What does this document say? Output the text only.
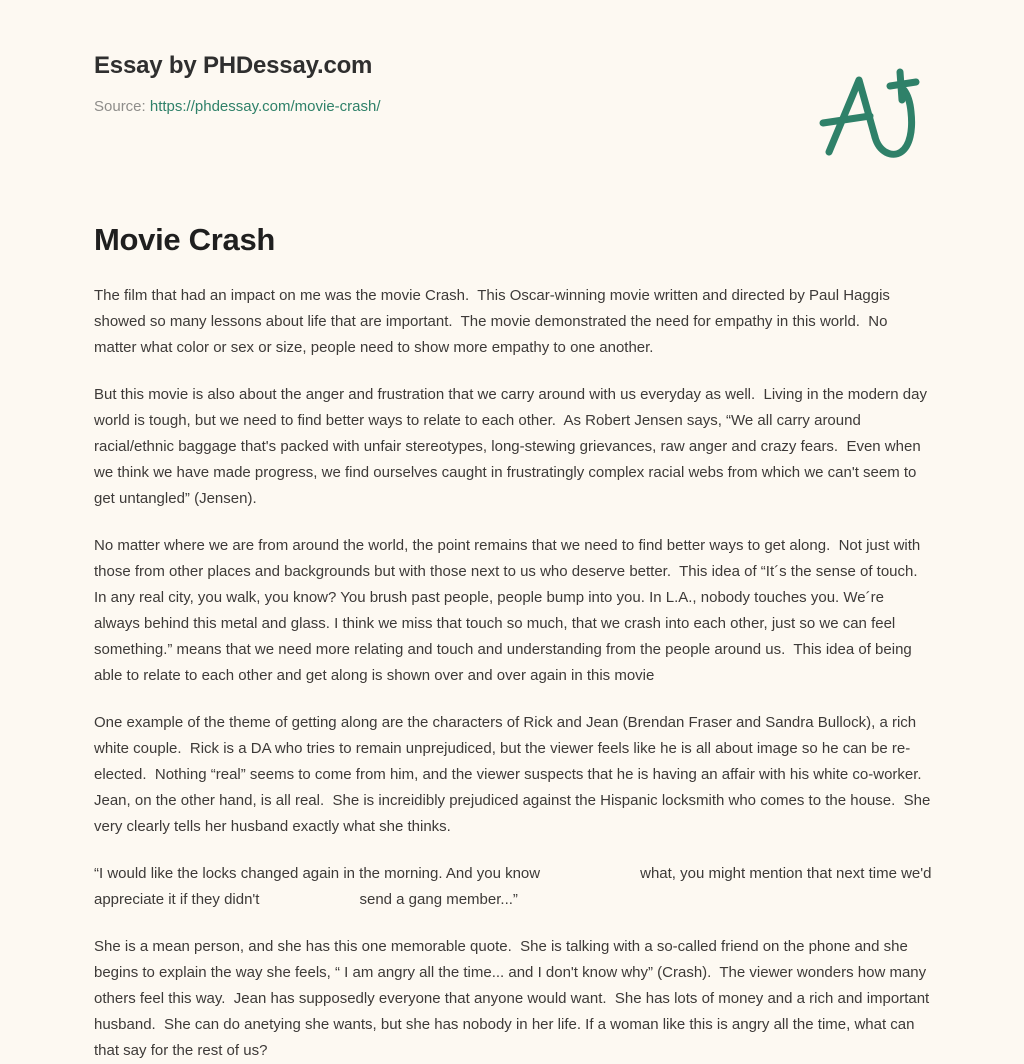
Essay by PHDessay.com
Source: https://phdessay.com/movie-crash/
Movie Crash

The film that had an impact on me was the movie Crash.  This Oscar-winning movie written and directed by Paul Haggis showed so many lessons about life that are important.  The movie demonstrated the need for empathy in this world.  No matter what color or sex or size, people need to show more empathy to one another.

But this movie is also about the anger and frustration that we carry around with us everyday as well.  Living in the modern day world is tough, but we need to find better ways to relate to each other.  As Robert Jensen says, “We all carry around racial/ethnic baggage that's packed with unfair stereotypes, long-stewing grievances, raw anger and crazy fears.  Even when we think we have made progress, we find ourselves caught in frustratingly complex racial webs from which we can't seem to get untangled” (Jensen).

No matter where we are from around the world, the point remains that we need to find better ways to get along.  Not just with those from other places and backgrounds but with those next to us who deserve better.  This idea of “It´s the sense of touch. In any real city, you walk, you know? You brush past people, people bump into you. In L.A., nobody touches you. We´re always behind this metal and glass. I think we miss that touch so much, that we crash into each other, just so we can feel something.” means that we need more relating and touch and understanding from the people around us.  This idea of being able to relate to each other and get along is shown over and over again in this movie

One example of the theme of getting along are the characters of Rick and Jean (Brendan Fraser and Sandra Bullock), a rich white couple.  Rick is a DA who tries to remain unprejudiced, but the viewer feels like he is all about image so he can be re-elected.  Nothing “real” seems to come from him, and the viewer suspects that he is having an affair with his white co-worker.  Jean, on the other hand, is all real.  She is increidibly prejudiced against the Hispanic locksmith who comes to the house.  She very clearly tells her husband exactly what she thinks.

“I would like the locks changed again in the morning. And you know                        what, you might mention that next time we'd appreciate it if they didn't                        send a gang member...”

She is a mean person, and she has this one memorable quote.  She is talking with a so-called friend on the phone and she begins to explain the way she feels, “ I am angry all the time... and I don't know why” (Crash).  The viewer wonders how many others feel this way.  Jean has supposedly everyone that anyone would want.  She has lots of money and a rich and important husband.  She can do anetying she wants, but she has nobody in her life. If a woman like this is angry all the time, what can that say for the rest of us?
